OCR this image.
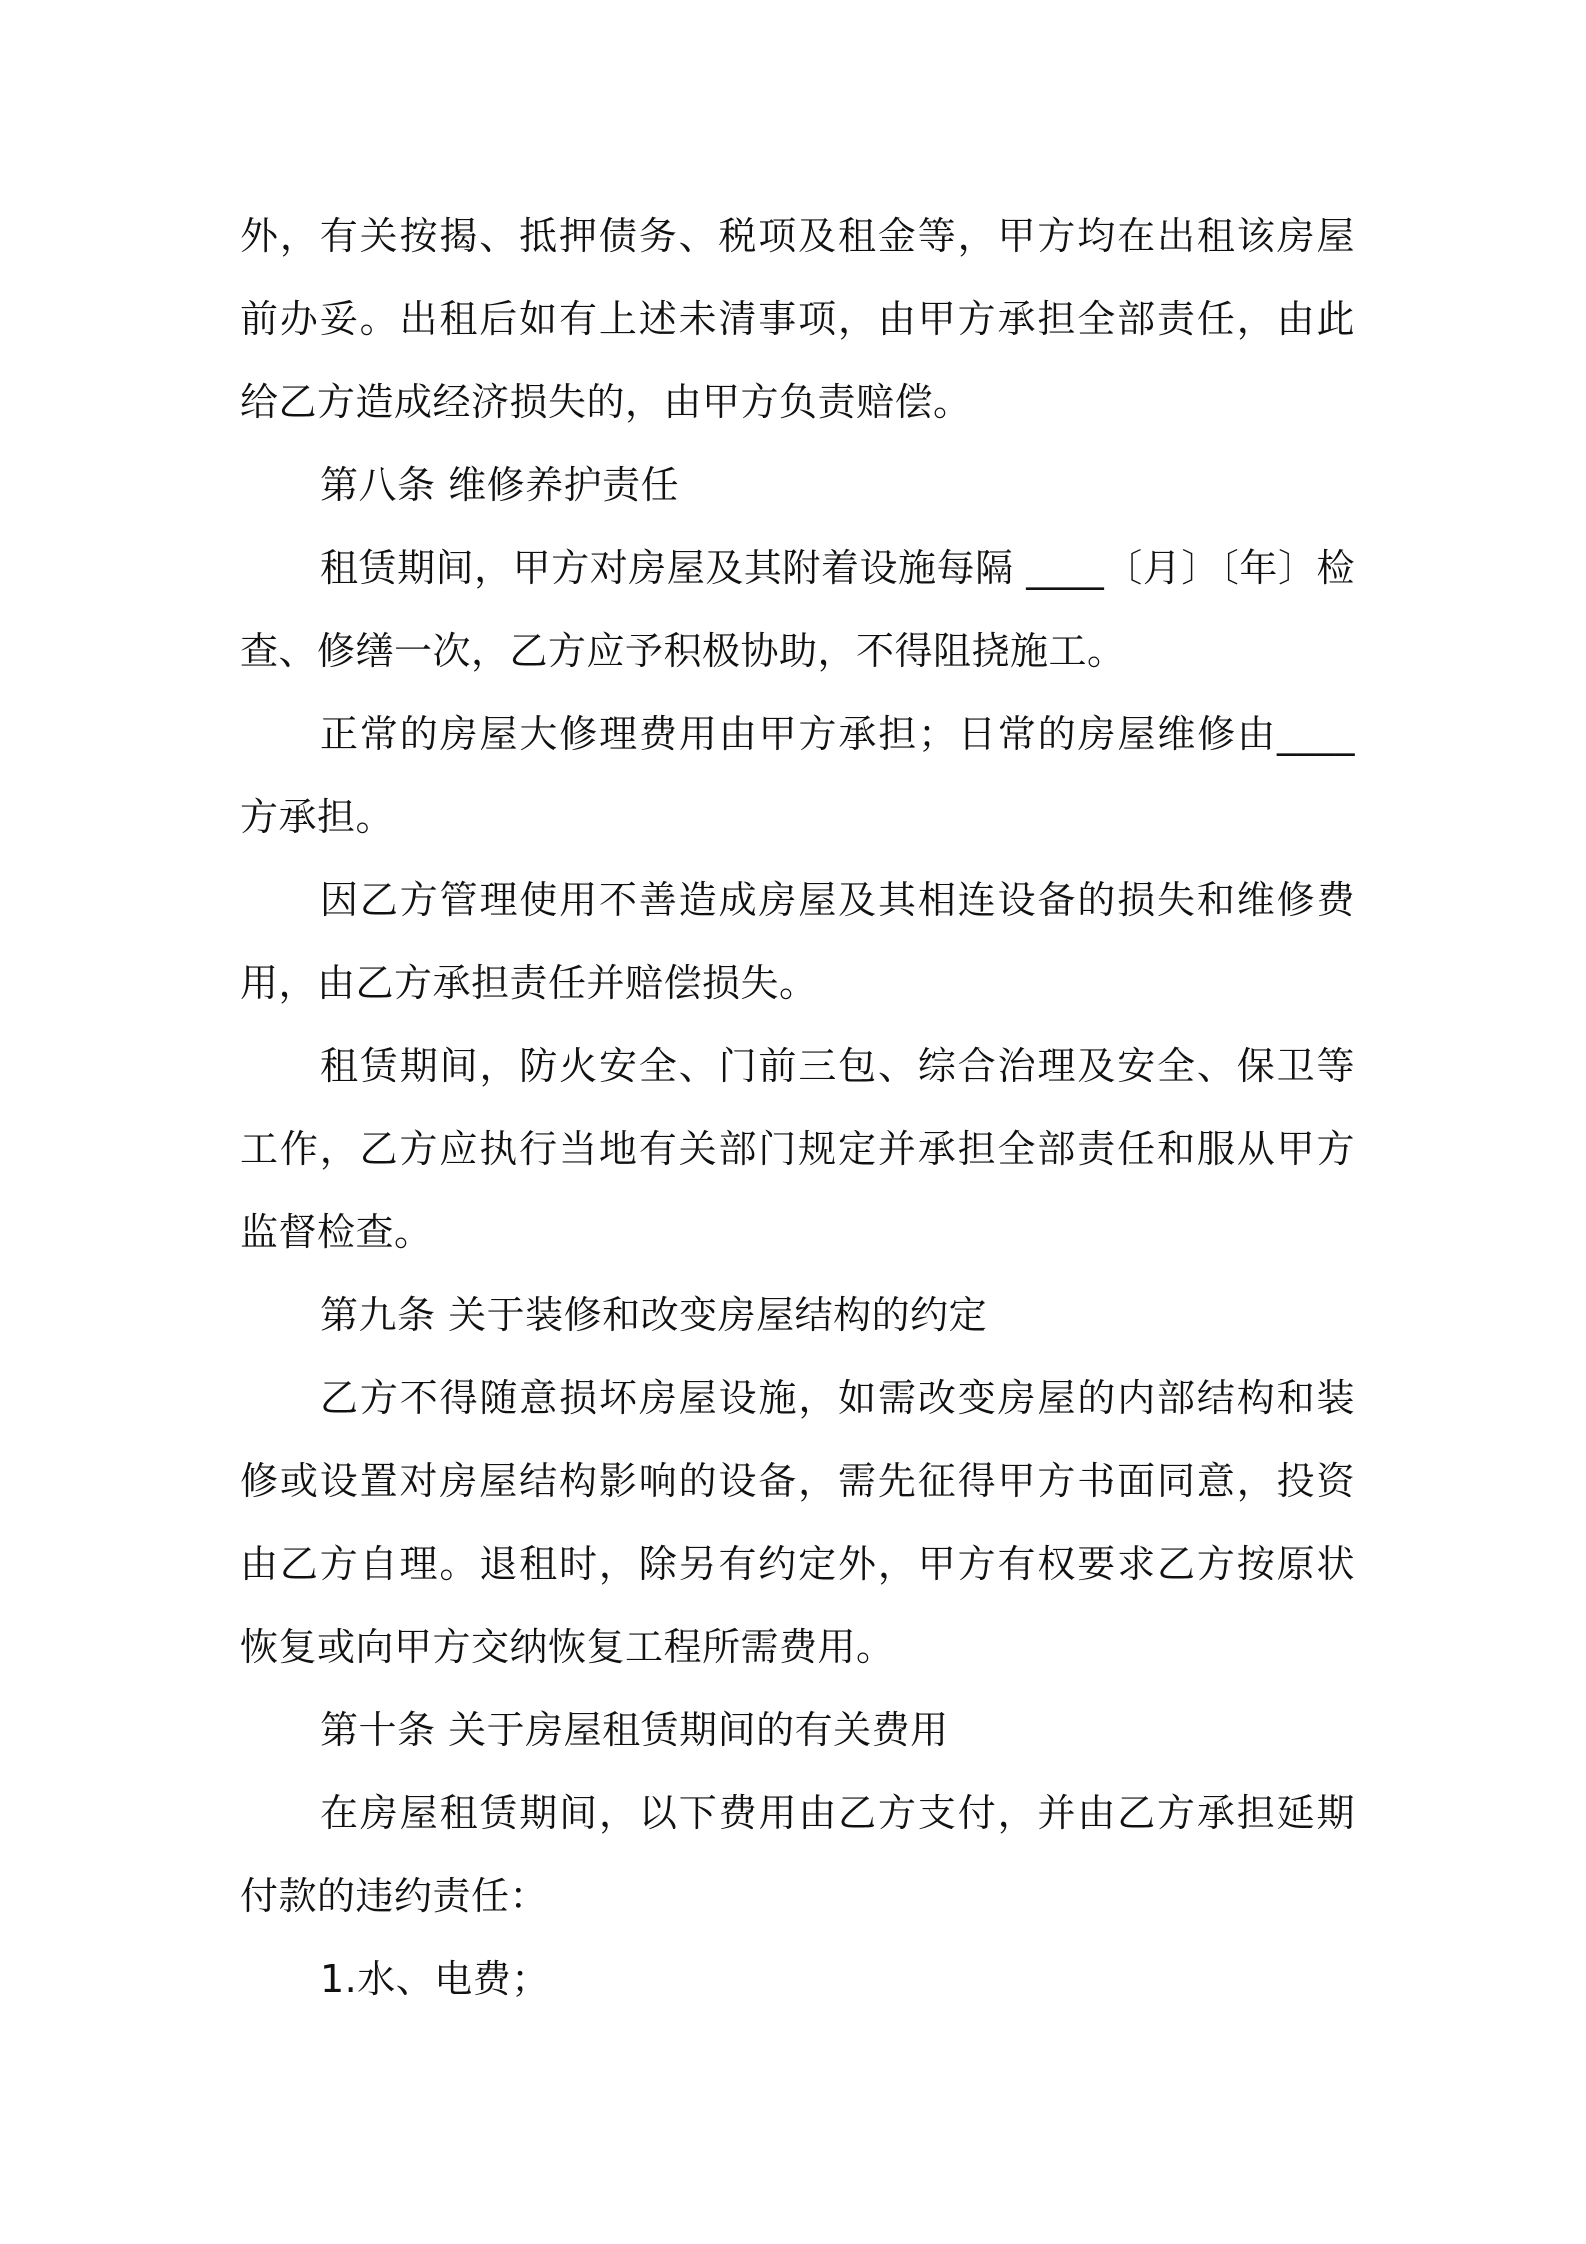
外，有关按揭、抵押债务、税项及租金等，甲方均在出租该房屋前办妥。出租后如有上述未清事项，由甲方承担全部责任，由此给乙方造成经济损失的，由甲方负责赔偿。

第八条 维修养护责任

租赁期间，甲方对房屋及其附着设施每隔 ____〔月〕〔年〕检查、修缮一次，乙方应予积极协助，不得阻挠施工。

正常的房屋大修理费用由甲方承担；日常的房屋维修由____方承担。

因乙方管理使用不善造成房屋及其相连设备的损失和维修费用，由乙方承担责任并赔偿损失。

租赁期间，防火安全、门前三包、综合治理及安全、保卫等工作，乙方应执行当地有关部门规定并承担全部责任和服从甲方监督检查。

第九条 关于装修和改变房屋结构的约定

乙方不得随意损坏房屋设施，如需改变房屋的内部结构和装修或设置对房屋结构影响的设备，需先征得甲方书面同意，投资由乙方自理。退租时，除另有约定外，甲方有权要求乙方按原状恢复或向甲方交纳恢复工程所需费用。

第十条 关于房屋租赁期间的有关费用

在房屋租赁期间，以下费用由乙方支付，并由乙方承担延期付款的违约责任：

1.水、电费；
